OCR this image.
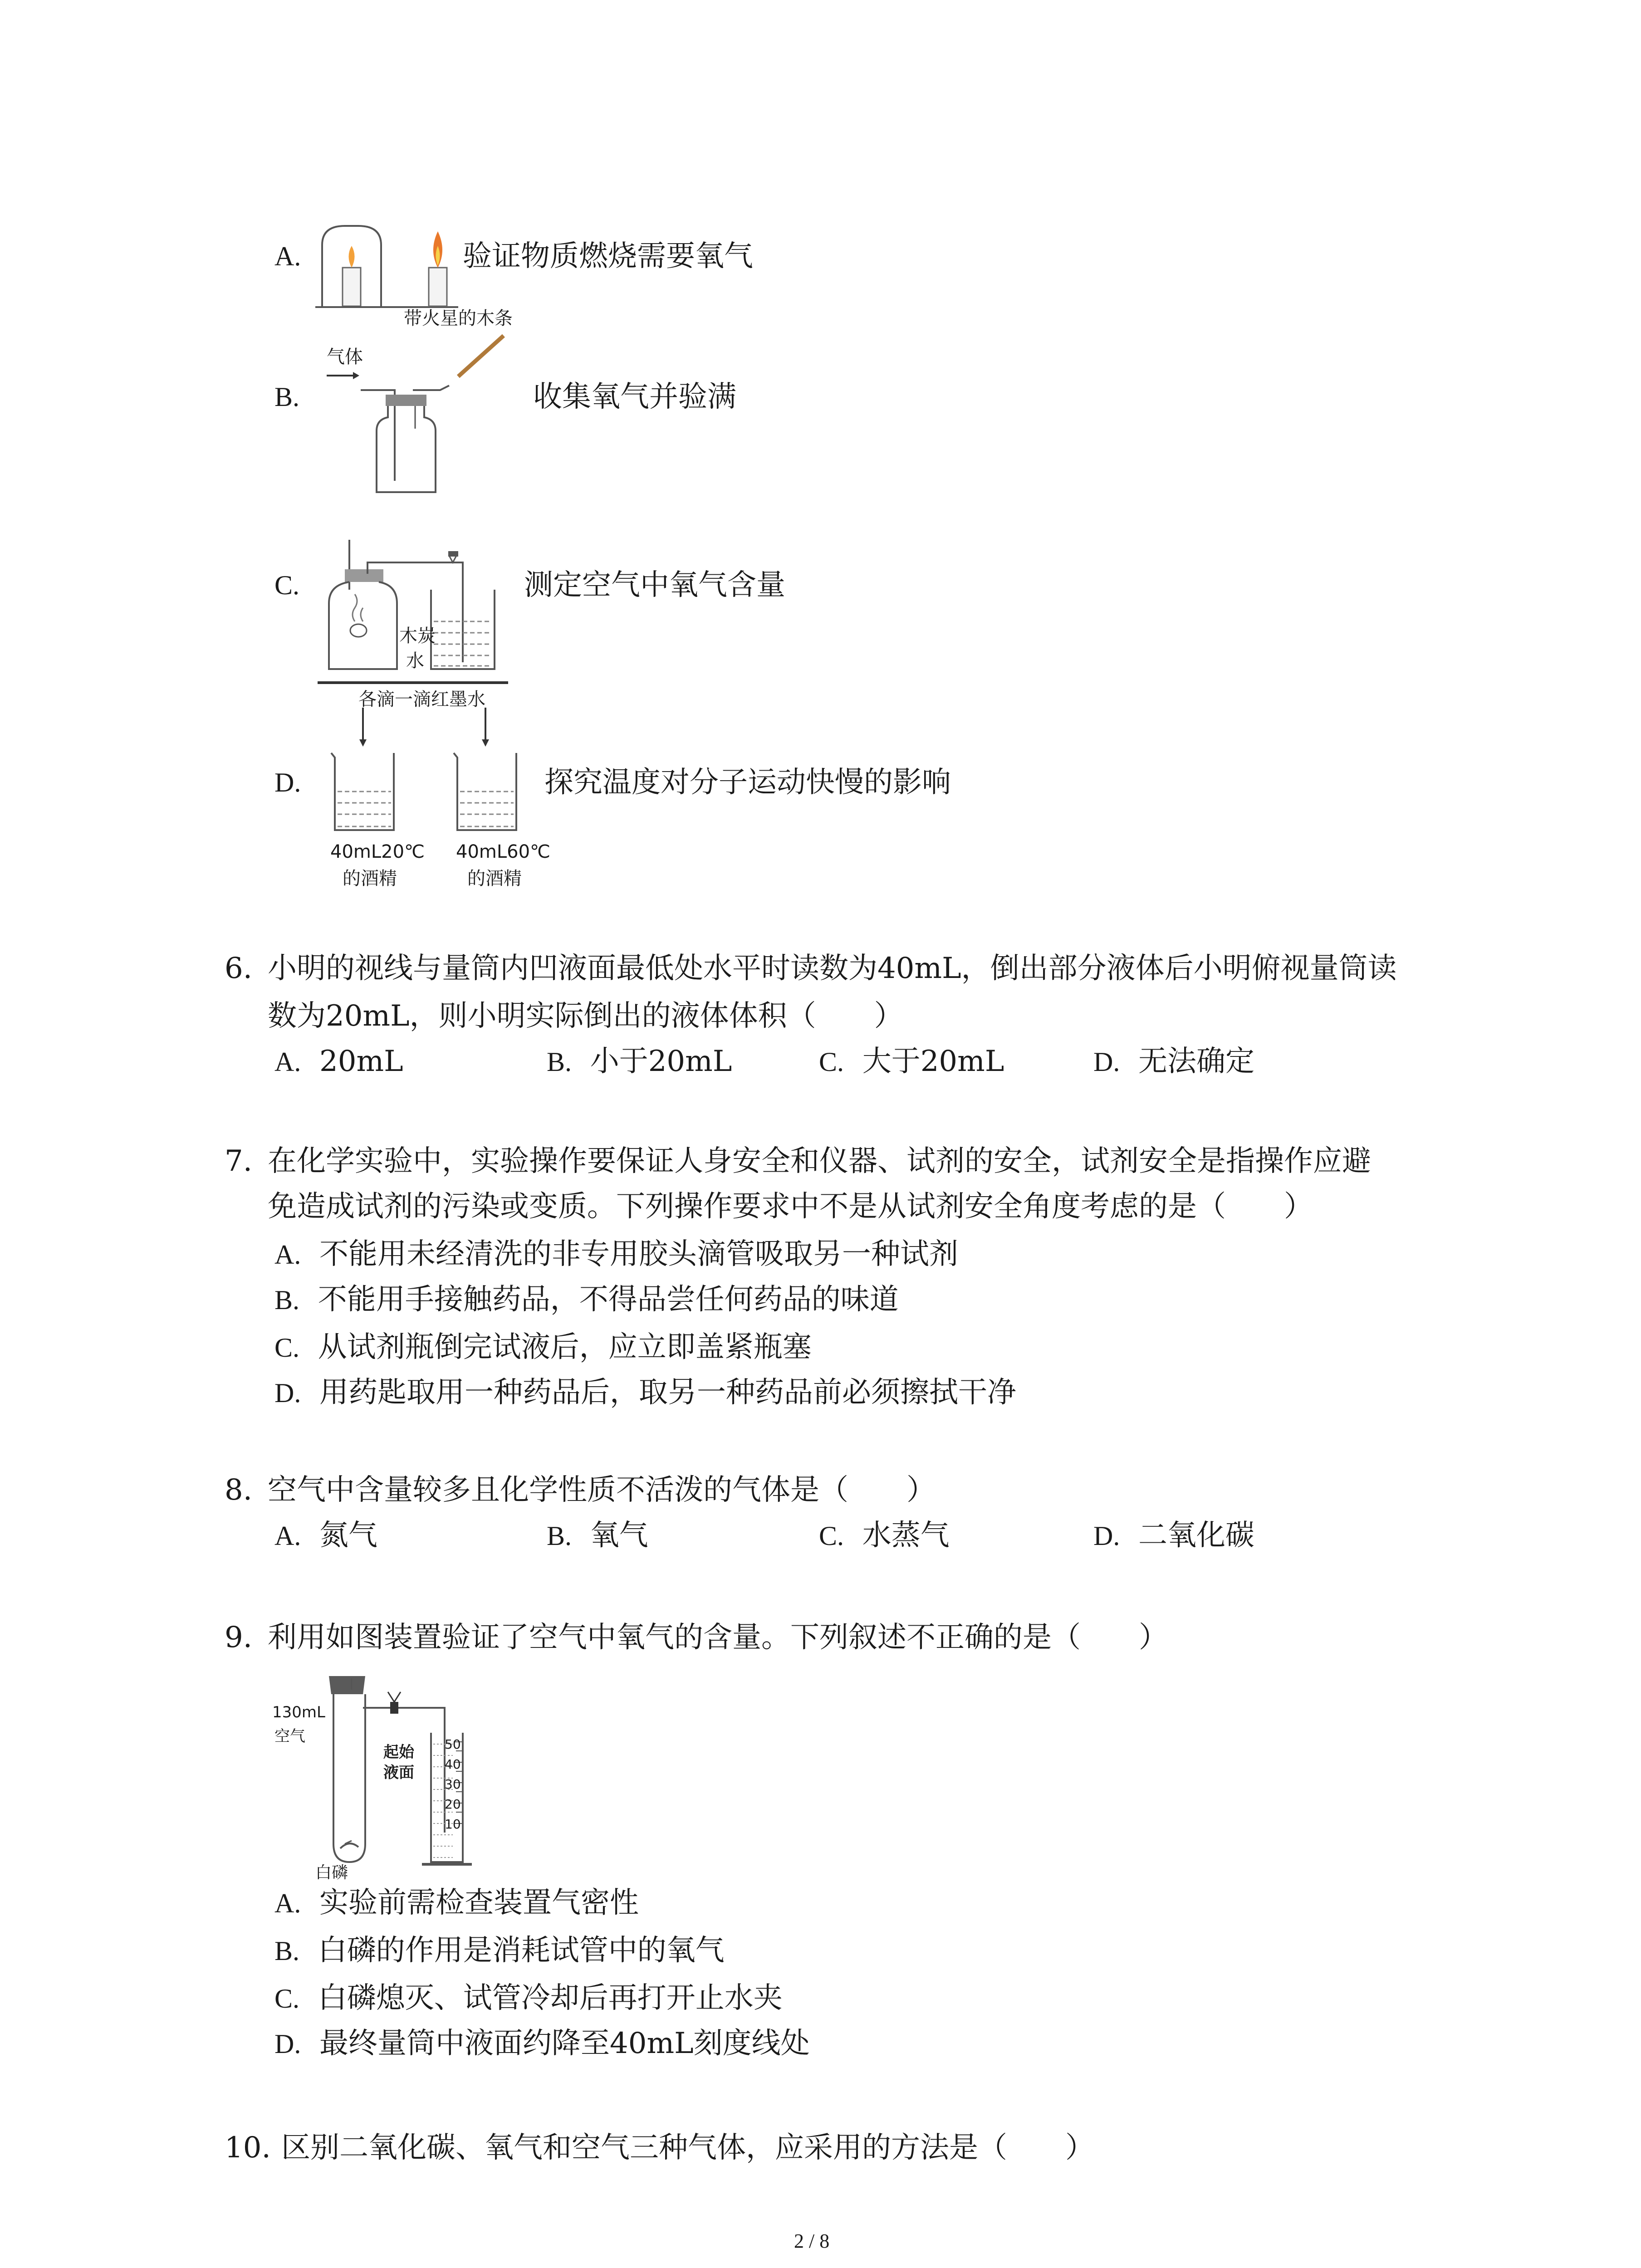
A.	验证物质燃烧需要氧气
带火星的木条
气体
B.	收集氧气并验满
木炭
水
C.	测定空气中氧气含量
各滴一滴红墨水
40mL20℃
的酒精
40mL60℃
的酒精
D.	探究温度对分子运动快慢的影响
6. 小明的视线与量筒内凹液面最低处水平时读数为40mL，倒出部分液体后小明俯视量筒读
数为20mL，则小明实际倒出的液体体积（　　）
A. 20mL	B. 小于20mL	C. 大于20mL	D. 无法确定
7. 在化学实验中，实验操作要保证人身安全和仪器、试剂的安全，试剂安全是指操作应避
免造成试剂的污染或变质。下列操作要求中不是从试剂安全角度考虑的是（　　）
A. 不能用未经清洗的非专用胶头滴管吸取另一种试剂
B. 不能用手接触药品，不得品尝任何药品的味道
C. 从试剂瓶倒完试液后，应立即盖紧瓶塞
D. 用药匙取用一种药品后，取另一种药品前必须擦拭干净
8. 空气中含量较多且化学性质不活泼的气体是（　　）
A. 氮气	B. 氧气	C. 水蒸气	D. 二氧化碳
9. 利用如图装置验证了空气中氧气的含量。下列叙述不正确的是（　　）
130mL
空气
起始
液面
50
40
30
20
10
白磷
A. 实验前需检查装置气密性
B. 白磷的作用是消耗试管中的氧气
C. 白磷熄灭、试管冷却后再打开止水夹
D. 最终量筒中液面约降至40mL刻度线处
10. 区别二氧化碳、氧气和空气三种气体，应采用的方法是（　　）
2 / 8
